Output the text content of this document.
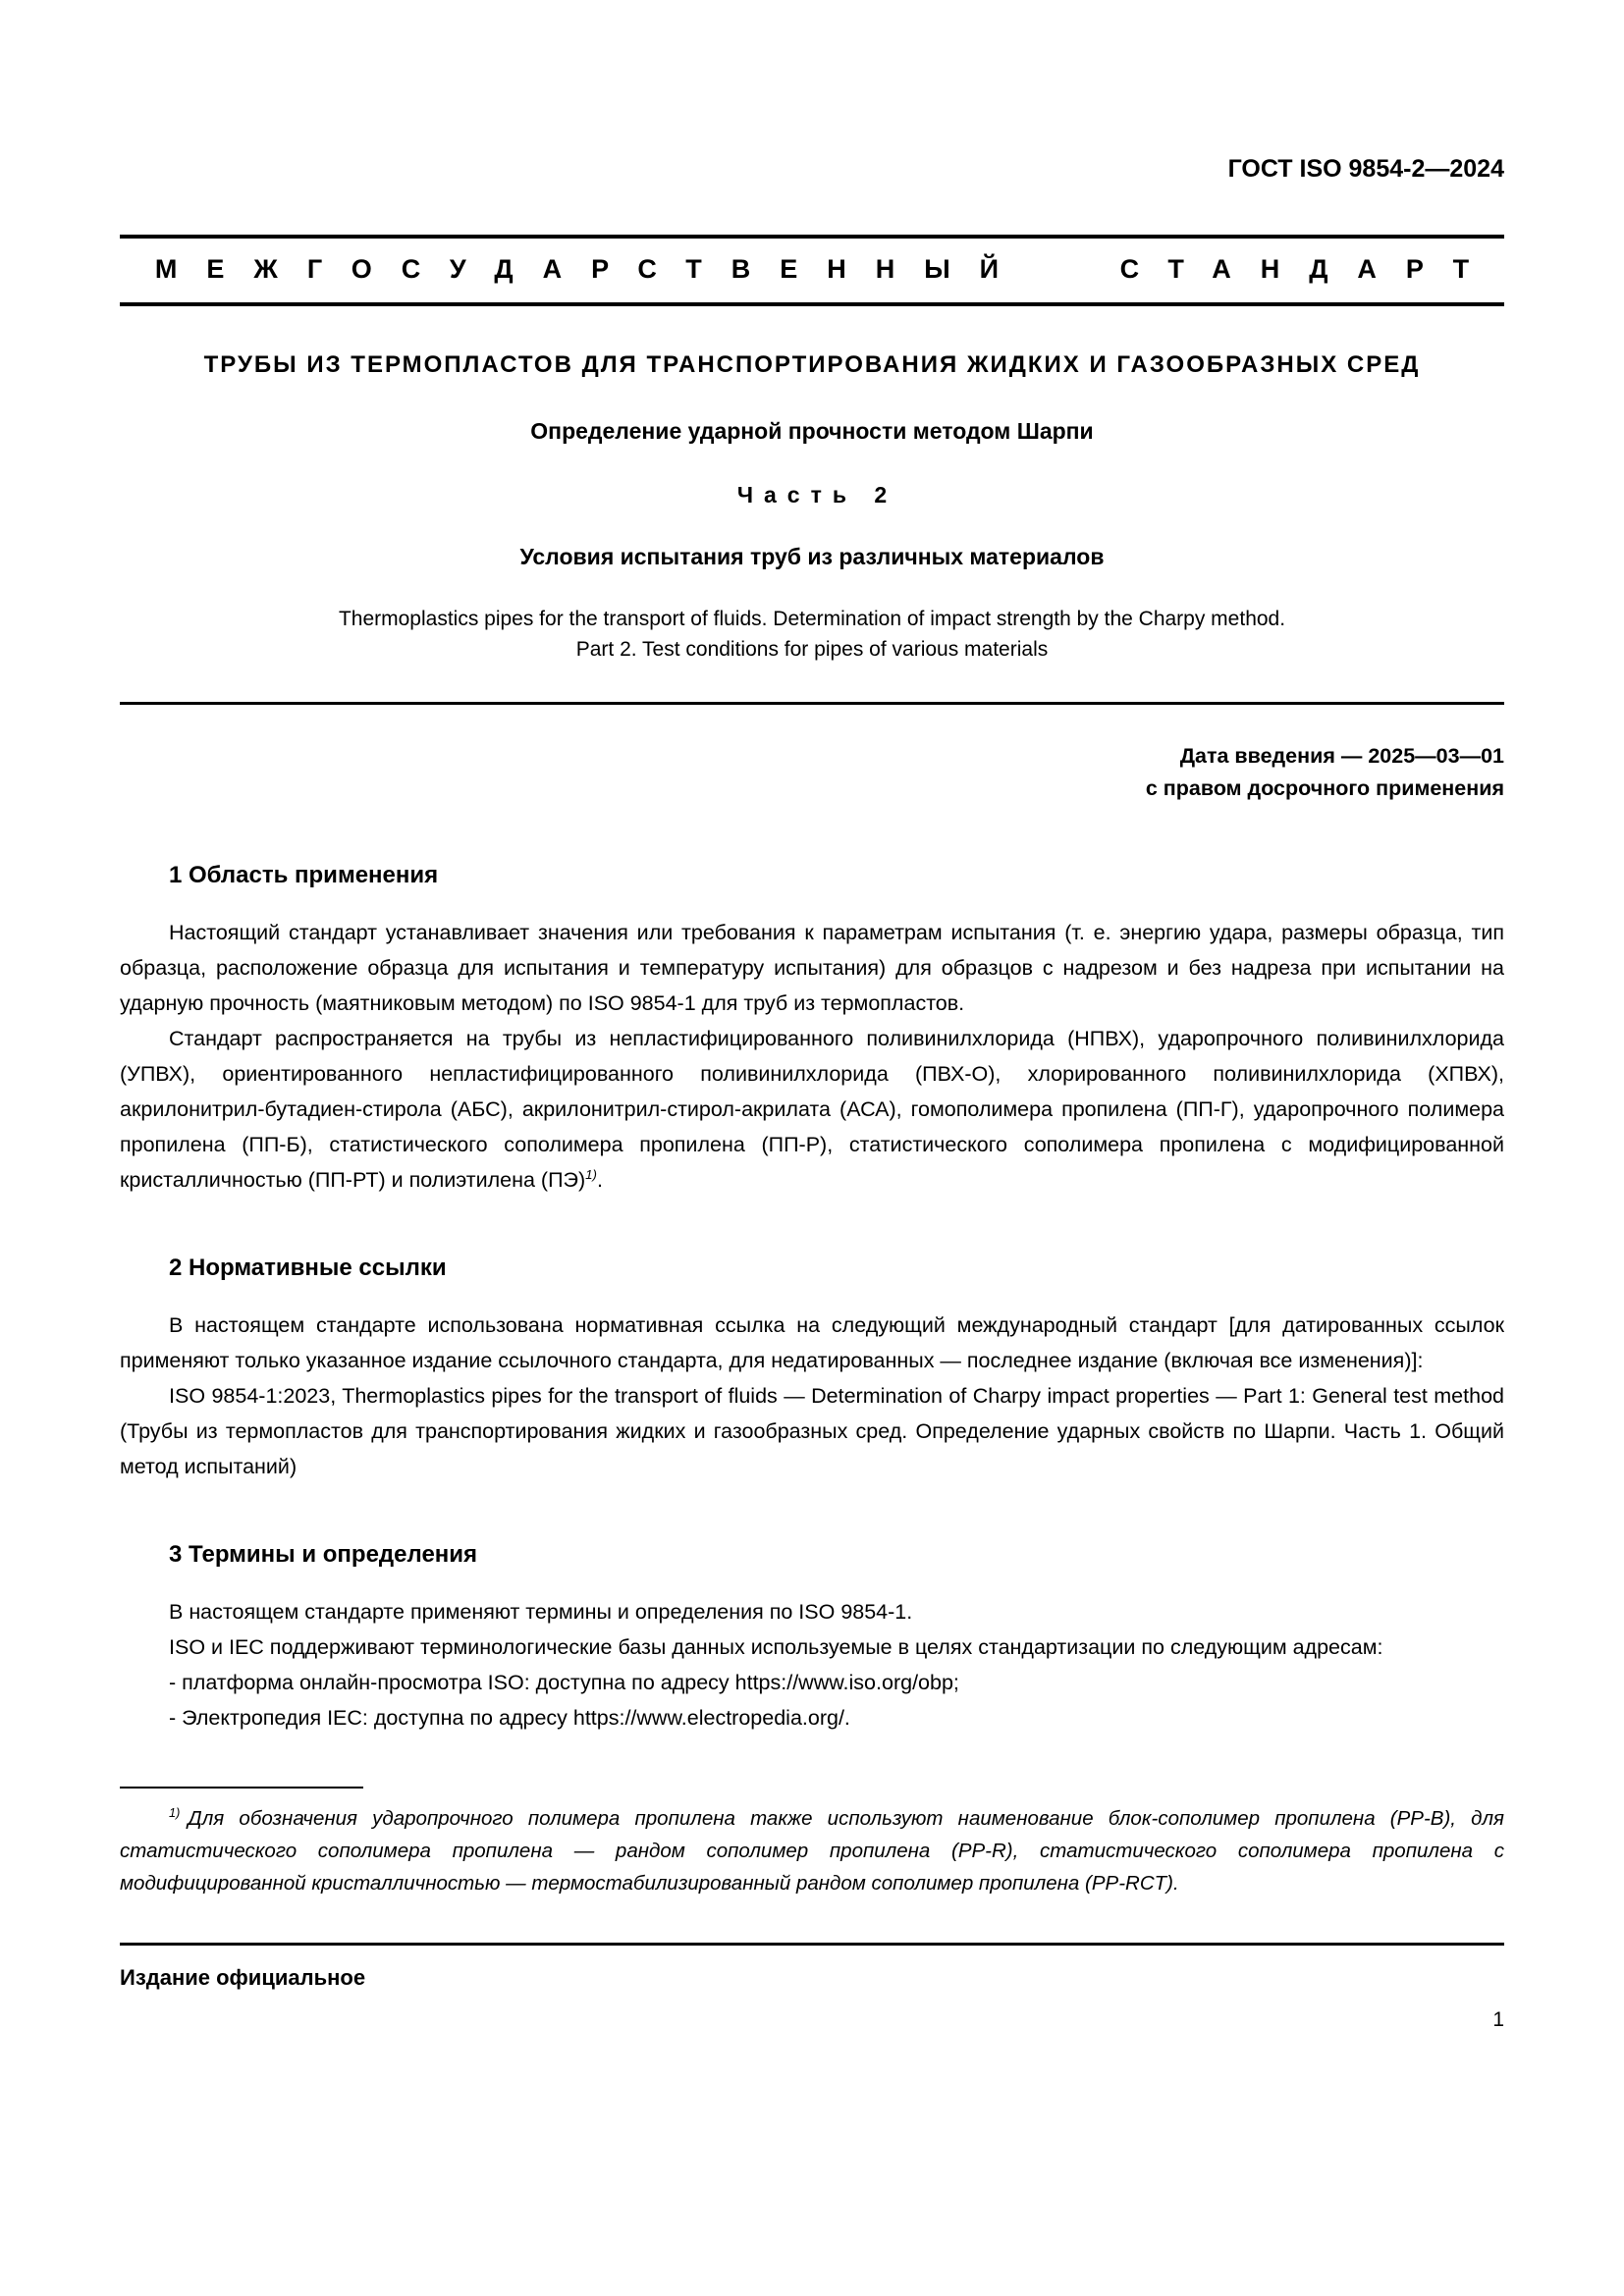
ГОСТ ISO 9854-2—2024
МЕЖГОСУДАРСТВЕННЫЙ СТАНДАРТ
ТРУБЫ ИЗ ТЕРМОПЛАСТОВ ДЛЯ ТРАНСПОРТИРОВАНИЯ ЖИДКИХ И ГАЗООБРАЗНЫХ СРЕД
Определение ударной прочности методом Шарпи
Часть 2
Условия испытания труб из различных материалов
Thermoplastics pipes for the transport of fluids. Determination of impact strength by the Charpy method.
Part 2. Test conditions for pipes of various materials
Дата введения — 2025—03—01
с правом досрочного применения
1 Область применения

Настоящий стандарт устанавливает значения или требования к параметрам испытания (т. е. энергию удара, размеры образца, тип образца, расположение образца для испытания и температуру испытания) для образцов с надрезом и без надреза при испытании на ударную прочность (маятниковым методом) по ISO 9854-1 для труб из термопластов.

Стандарт распространяется на трубы из непластифицированного поливинилхлорида (НПВХ), ударопрочного поливинилхлорида (УПВХ), ориентированного непластифицированного поливинилхлорида (ПВХ-О), хлорированного поливинилхлорида (ХПВХ), акрилонитрил-бутадиен-стирола (АБС), акрилонитрил-стирол-акрилата (АСА), гомополимера пропилена (ПП-Г), ударопрочного полимера пропилена (ПП-Б), статистического сополимера пропилена (ПП-Р), статистического сополимера пропилена с модифицированной кристалличностью (ПП-РТ) и полиэтилена (ПЭ)$^{1)}$.

2 Нормативные ссылки

В настоящем стандарте использована нормативная ссылка на следующий международный стандарт [для датированных ссылок применяют только указанное издание ссылочного стандарта, для недатированных — последнее издание (включая все изменения)]:

ISO 9854-1:2023, Thermoplastics pipes for the transport of fluids — Determination of Charpy impact properties — Part 1: General test method (Трубы из термопластов для транспортирования жидких и газообразных сред. Определение ударных свойств по Шарпи. Часть 1. Общий метод испытаний)

3 Термины и определения

В настоящем стандарте применяют термины и определения по ISO 9854-1.

ISO и IEC поддерживают терминологические базы данных используемые в целях стандартизации по следующим адресам:

- платформа онлайн-просмотра ISO: доступна по адресу https://www.iso.org/obp;

- Электропедия IEC: доступна по адресу https://www.electropedia.org/.

$^{1)}$ Для обозначения ударопрочного полимера пропилена также используют наименование блок-сополимер пропилена (PP-B), для статистического сополимера пропилена — рандом сополимер пропилена (PP-R), статистического сополимера пропилена с модифицированной кристалличностью — термостабилизированный рандом сополимер пропилена (PP-RCT).

Издание официальное
1
